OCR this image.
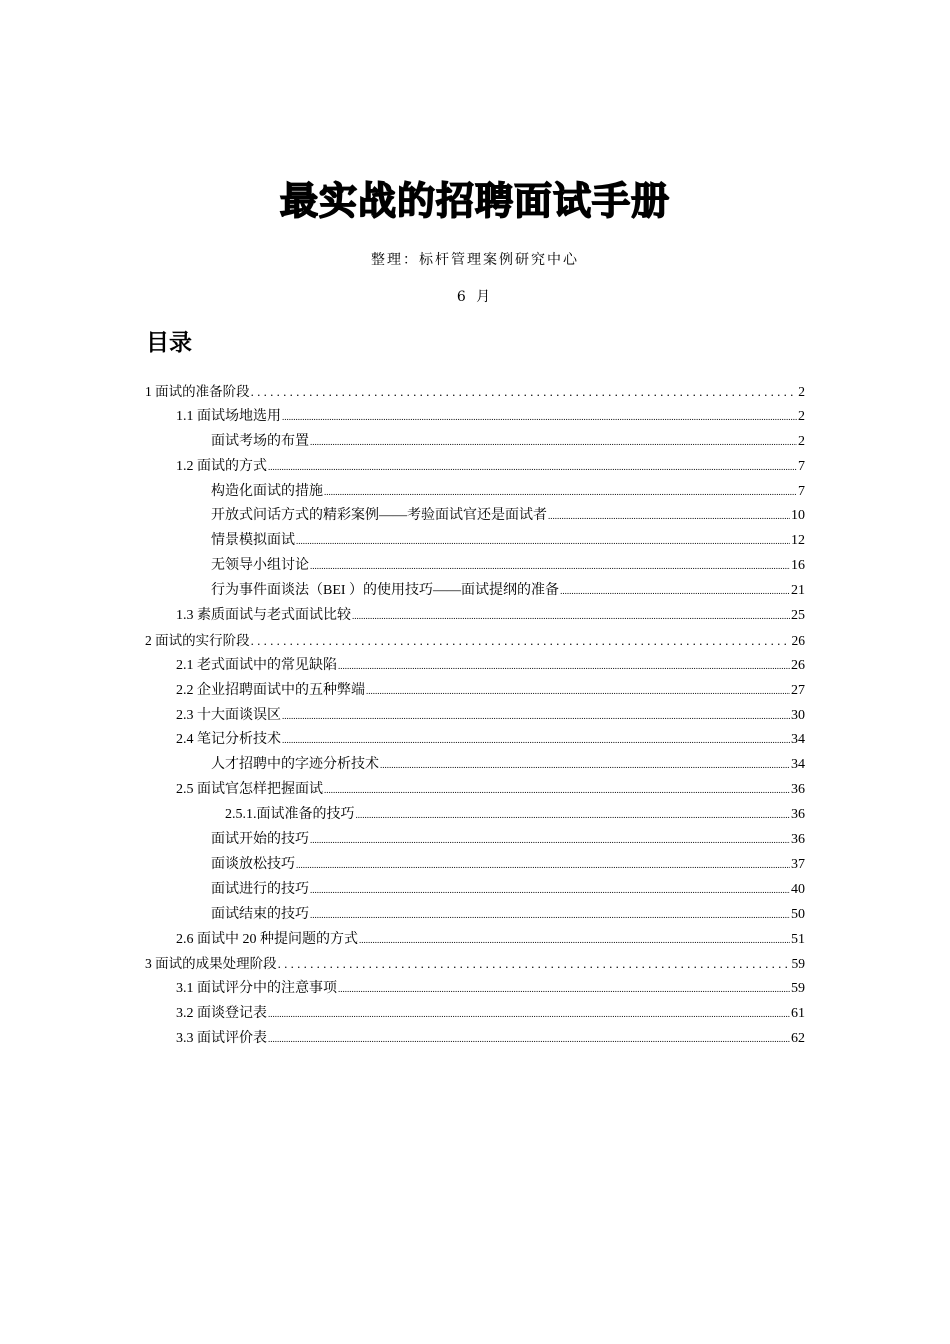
最实战的招聘面试手册
整理：标杆管理案例研究中心
6 月
目录
1 面试的准备阶段 . . .	2
1.1 面试场地选用 .....	2
面试考场的布置 .....	2
1.2 面试的方式 .....	7
构造化面试的措施 .....	7
开放式问话方式的精彩案例——考验面试官还是面试者 .....	10
情景模拟面试 .....	12
无领导小组讨论 .....	16
行为事件面谈法（BEI ）的使用技巧——面试提纲的准备 .....	21
1.3 素质面试与老式面试比较 .....	25
2 面试的实行阶段 . . .	26
2.1 老式面试中的常见缺陷 .....	26
2.2 企业招聘面试中的五种弊端 .....	27
2.3 十大面谈误区 .....	30
2.4 笔记分析技术 .....	34
人才招聘中的字迹分析技术 .....	34
2.5 面试官怎样把握面试 .....	36
2.5.1.面试准备的技巧 .....	36
面试开始的技巧 .....	36
面谈放松技巧 .....	37
面试进行的技巧 .....	40
面试结束的技巧 .....	50
2.6 面试中 20 种提问题的方式 .....	51
3 面试的成果处理阶段 . . .	59
3.1 面试评分中的注意事项 .....	59
3.2 面谈登记表 .....	61
3.3 面试评价表 .....	62
